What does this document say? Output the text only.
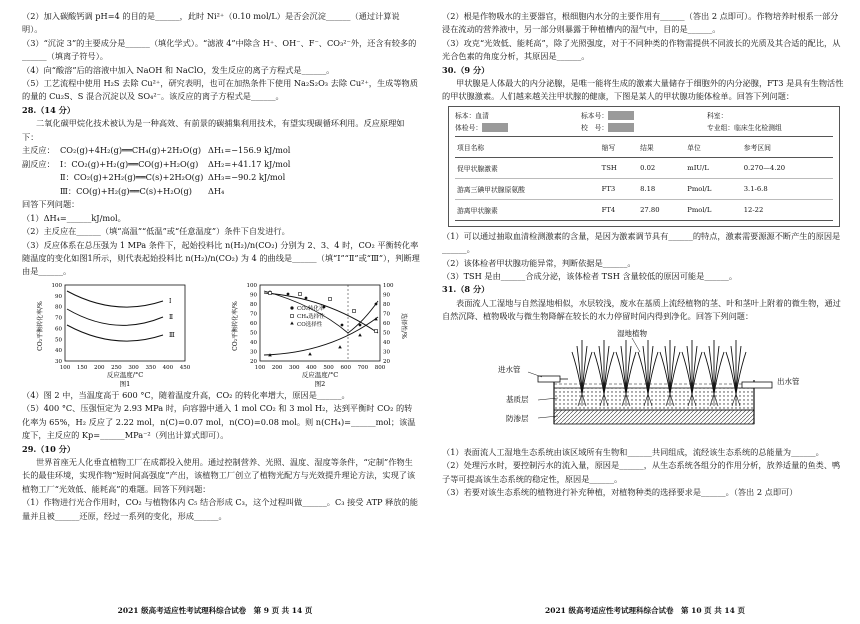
（2）加入碳酸钙调 pH=4 的目的是______，此时 Ni²⁺（0.10 mol/L）是否会沉淀______（通过计算说明）。

（3）“沉淀 3”的主要成分是______（填化学式）。“滤液 4”中除含 H⁺、OH⁻、F⁻、CO₃²⁻外，还含有较多的______（填离子符号）。

（4）向“酸溶”后的溶液中加入 NaOH 和 NaClO，发生反应的离子方程式是______。

（5）工艺流程中使用 H₂S 去除 Cu²⁺，研究表明，也可在加热条件下使用 Na₂S₂O₃ 去除 Cu²⁺，生成等物质的量的 Cu₂S、S 混合沉淀以及 SO₄²⁻。该反应的离子方程式是______。

28.（14 分）

二氧化碳甲烷化技术被认为是一种高效、有前景的碳捕集利用技术，有望实现碳循环利用。反应原理如下：

主反应： CO₂(g)+4H₂(g)══CH₄(g)+2H₂O(g) ΔH₁=−156.9 kJ/mol
副反应： Ⅰ：CO₂(g)+H₂(g)══CO(g)+H₂O(g)	ΔH₂=+41.17 kJ/mol
Ⅱ：CO₂(g)+2H₂(g)══C(s)+2H₂O(g) ΔH₃=−90.2 kJ/mol
Ⅲ：CO(g)+H₂(g)══C(s)+H₂O(g)	ΔH₄

回答下列问题：

（1）ΔH₄=______kJ/mol。

（2）主反应在______（填“高温”“低温”或“任意温度”）条件下自发进行。

（3）反应体系在总压强为 1 MPa 条件下，起始投料比 n(H₂)/n(CO₂) 分别为 2、3、4 时，CO₂ 平衡转化率随温度的变化如图1所示，则代表起始投料比 n(H₂)/n(CO₂) 为 4 的曲线是______（填“Ⅰ”“Ⅱ”或“Ⅲ”），判断理由是______。

CO₂平衡转化率/%
100
90
80
70
60
50
40
30
100 150 200 250 300 350 400 450
Ⅰ
Ⅱ
Ⅲ
反应温度/°C
图1
CO₂平衡转化率/%	选择性/%
100
90
80
70
60
50
40
30
20
100
90
80
70
60
50
40
30
20
100 200 300 400 500 600 700 800
CO₂转化率
CH₄选择性
CO选择性
反应温度/°C
图2

（4）图 2 中，当温度高于 600 °C，随着温度升高，CO₂ 的转化率增大，原因是______。

（5）400 °C、压强恒定为 2.93 MPa 时，向容器中通入 1 mol CO₂ 和 3 mol H₂，达到平衡时 CO₂ 的转化率为 65%，H₂ 反应了 2.22 mol，n(C)=0.07 mol，n(CO)=0.08 mol。则 n(CH₄)=______mol；该温度下，主反应的 Kp=______MPa⁻²（列出计算式即可）。

29.（10 分）

世界首座无人化垂直植物工厂在成都投入使用。通过控制营养、光照、温度、湿度等条件，“定制”作物生长的最佳环境，实现作物“短时间高强度”产出，该植物工厂创立了植物光配方与光效提升理论方法，实现了该植物工厂“光效低、能耗高”的难题。回答下列问题：

（1）作物进行光合作用时，CO₂ 与植物体内 C₅ 结合形成 C₃，这个过程叫做______。C₃ 接受 ATP 释放的能量并且被______还原，经过一系列的变化，形成______。

2021 级高考适应性考试理科综合试卷　第 9 页 共 14 页

（2）根是作物吸水的主要器官，根细胞内水分的主要作用有______（答出 2 点即可）。作物培养时根系一部分浸在流动的营养液中，另一部分则暴露于种植槽内的湿气中，目的是______。

（3）攻克“光效低、能耗高”，除了光照强度，对于不同种类的作物需提供不同波长的光质及其合适的配比，从光合色素的角度分析，其原因是______。

30.（9 分）

甲状腺是人体最大的内分泌腺，是唯一能将生成的激素大量储存于细胞外的内分泌腺，FT3 是具有生物活性的甲状腺激素。人们越来越关注甲状腺的健康，下图是某人的甲状腺功能体检单。回答下列问题：

标本：血清	标本号：	科室：
体检号：	校　号：	专业组：临床生化检测组
项目名称	缩写	结果	单位	参考区间
促甲状腺激素	TSH	0.02	mIU/L	0.270—4.20
游离三碘甲状腺原氨酸	FT3	8.18	Pmol/L	3.1-6.8
游离甲状腺素	FT4	27.80	Pmol/L	12-22

（1）可以通过抽取血清检测激素的含量，是因为激素调节具有______的特点，激素需要源源不断产生的原因是______。

（2）该体检者甲状腺功能异常，判断依据是______。

（3）TSH 是由______合成分泌，该体检者 TSH 含量较低的原因可能是______。

31.（8 分）

表面流人工湿地与自然湿地相似，水层较浅，废水在基质上流经植物的茎、叶和茎叶上附着的微生物，通过自然沉降、植物吸收与微生物降解在较长的水力停留时间内得到净化。回答下列问题：

湿地植物
进水管
出水管
基质层
防渗层

（1）表面流人工湿地生态系统由该区域所有生物和______共同组成，流经该生态系统的总能量为______。

（2）处理污水时，要控制污水的流入量，原因是______，从生态系统各组分的作用分析，放养适量的鱼类、鸭子等可提高该生态系统的稳定性，原因是______。

（3）若要对该生态系统的植物进行补充种植，对植物种类的选择要求是______。（答出 2 点即可）

2021 级高考适应性考试理科综合试卷　第 10 页 共 14 页
